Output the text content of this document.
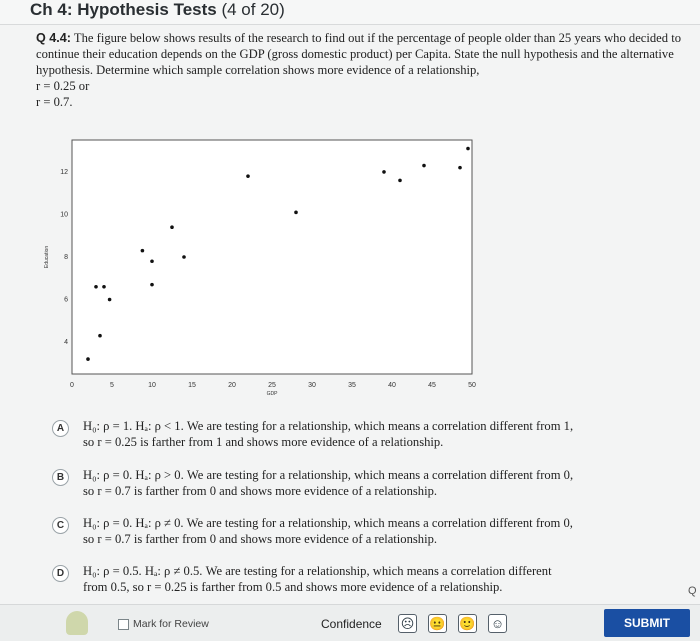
Ch 4: Hypothesis Tests (4 of 20)
Q 4.4: The figure below shows results of the research to find out if the percentage of people older than 25 years who decided to continue their education depends on the GDP (gross domestic product) per Capita. State the null hypothesis and the alternative hypothesis. Determine which sample correlation shows more evidence of a relationship,
r = 0.25 or
r = 0.7.
0	5	10	15	20	25	30	35	40	45	50
4
6
8
10
12
GDP
Education
A	H₀: ρ = 1. Hₐ: ρ < 1. We are testing for a relationship, which means a correlation different from 1,
so r = 0.25 is farther from 1 and shows more evidence of a relationship.
B	H₀: ρ = 0. Hₐ: ρ > 0. We are testing for a relationship, which means a correlation different from 0,
so r = 0.7 is farther from 0 and shows more evidence of a relationship.
C	H₀: ρ = 0. Hₐ: ρ ≠ 0. We are testing for a relationship, which means a correlation different from 0,
so r = 0.7 is farther from 0 and shows more evidence of a relationship.
D	H₀: ρ = 0.5. Hₐ: ρ ≠ 0.5. We are testing for a relationship, which means a correlation different
from 0.5, so r = 0.25 is farther from 0.5 and shows more evidence of a relationship.	Q
Mark for Review	Confidence ☹ 😐 🙂 ☺	SUBMIT
